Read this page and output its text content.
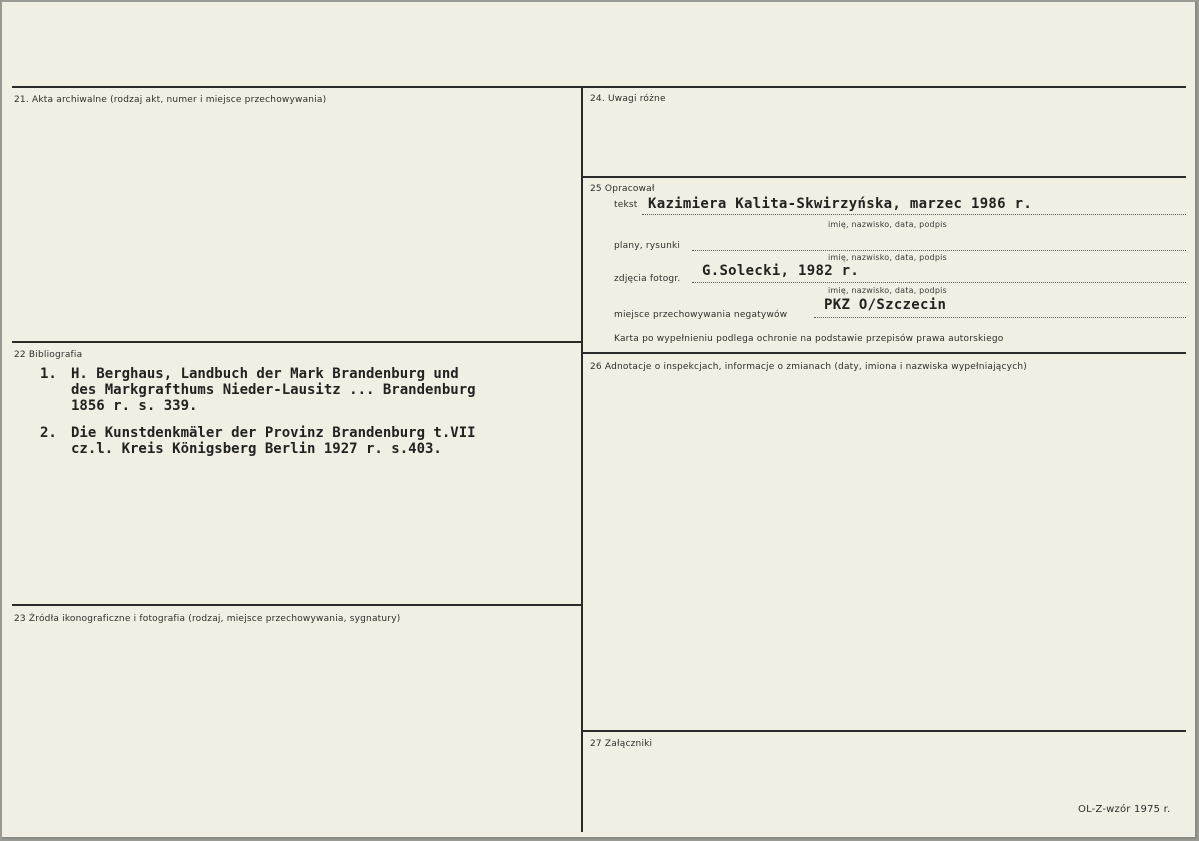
21. Akta archiwalne (rodzaj akt, numer i miejsce przechowywania)
22 Bibliografia
1. H. Berghaus, Landbuch der Mark Brandenburg und
des Markgrafthums Nieder-Lausitz ... Brandenburg
1856 r. s. 339.
2. Die Kunstdenkmäler der Provinz Brandenburg t.VII
cz.l. Kreis Königsberg Berlin 1927 r. s.403.
23 Źródła ikonograficzne i fotografia (rodzaj, miejsce przechowywania, sygnatury)
24. Uwagi różne
25 Opracował
tekst Kazimiera Kalita-Skwirzyńska, marzec 1986 r.
imię, nazwisko, data, podpis
plany, rysunki
imię, nazwisko, data, podpis
zdjęcia fotogr. G.Solecki, 1982 r.
imię, nazwisko, data, podpis
miejsce przechowywania negatywów
PKZ O/Szczecin
Karta po wypełnieniu podlega ochronie na podstawie przepisów prawa autorskiego
26 Adnotacje o inspekcjach, informacje o zmianach (daty, imiona i nazwiska wypełniających)
27 Załączniki
OL-Z-wzór 1975 r.
